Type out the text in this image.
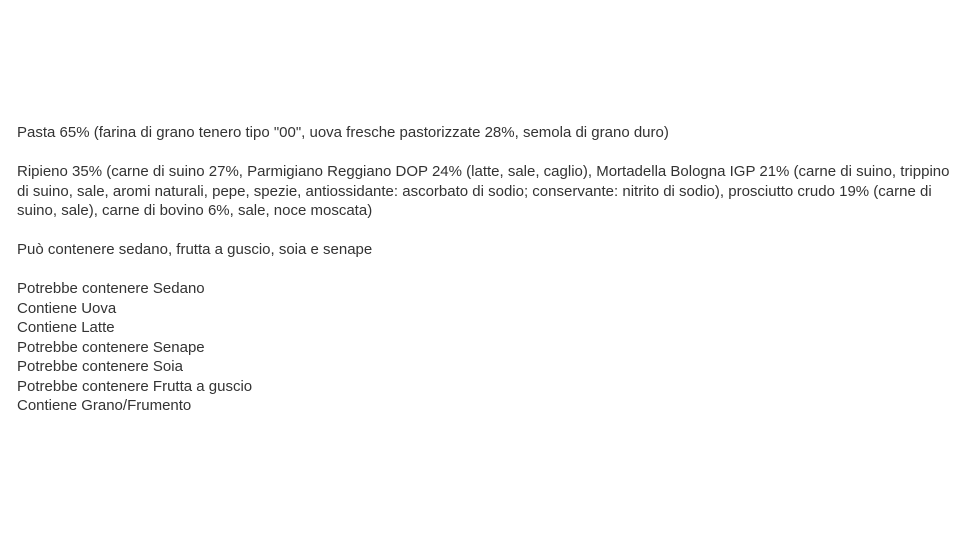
Pasta 65% (farina di grano tenero tipo "00", uova fresche pastorizzate 28%, semola di grano duro)

Ripieno 35% (carne di suino 27%, Parmigiano Reggiano DOP 24% (latte, sale, caglio), Mortadella Bologna IGP 21% (carne di suino, trippino di suino, sale, aromi naturali, pepe, spezie, antiossidante: ascorbato di sodio; conservante: nitrito di sodio), prosciutto crudo 19% (carne di suino, sale), carne di bovino 6%, sale, noce moscata)

Può contenere sedano, frutta a guscio, soia e senape

Potrebbe contenere Sedano
Contiene Uova
Contiene Latte
Potrebbe contenere Senape
Potrebbe contenere Soia
Potrebbe contenere Frutta a guscio
Contiene Grano/Frumento
